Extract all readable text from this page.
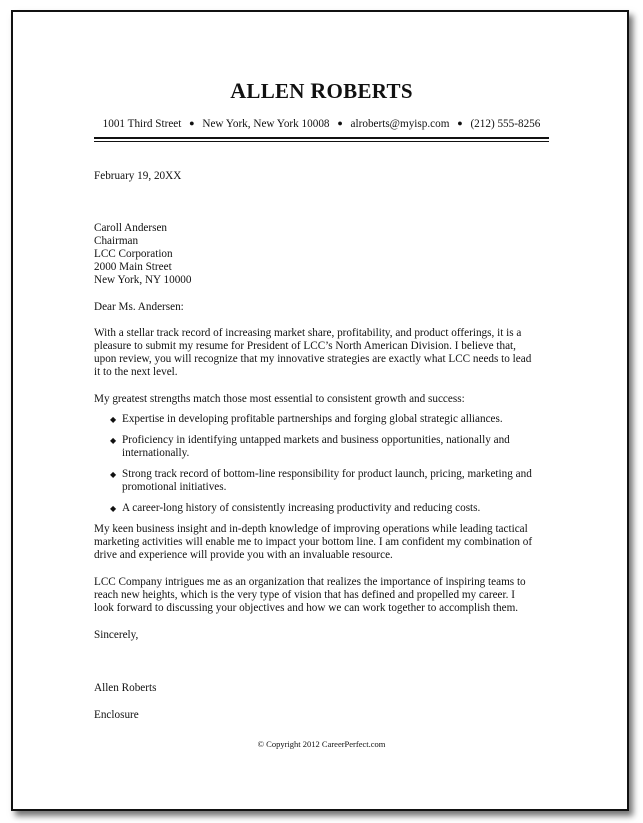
ALLEN ROBERTS
1001 Third Street ● New York, New York 10008 ● alroberts@myisp.com ● (212) 555-8256
February 19, 20XX
Caroll Andersen
Chairman
LCC Corporation
2000 Main Street
New York, NY 10000
Dear Ms. Andersen:
With a stellar track record of increasing market share, profitability, and product offerings, it is a
pleasure to submit my resume for President of LCC’s North American Division. I believe that,
upon review, you will recognize that my innovative strategies are exactly what LCC needs to lead
it to the next level.
My greatest strengths match those most essential to consistent growth and success:
◆ Expertise in developing profitable partnerships and forging global strategic alliances.
◆ Proficiency in identifying untapped markets and business opportunities, nationally and
internationally.
◆ Strong track record of bottom-line responsibility for product launch, pricing, marketing and
promotional initiatives.
◆ A career-long history of consistently increasing productivity and reducing costs.
My keen business insight and in-depth knowledge of improving operations while leading tactical
marketing activities will enable me to impact your bottom line. I am confident my combination of
drive and experience will provide you with an invaluable resource.
LCC Company intrigues me as an organization that realizes the importance of inspiring teams to
reach new heights, which is the very type of vision that has defined and propelled my career. I
look forward to discussing your objectives and how we can work together to accomplish them.
Sincerely,
Allen Roberts
Enclosure
© Copyright 2012 CareerPerfect.com
